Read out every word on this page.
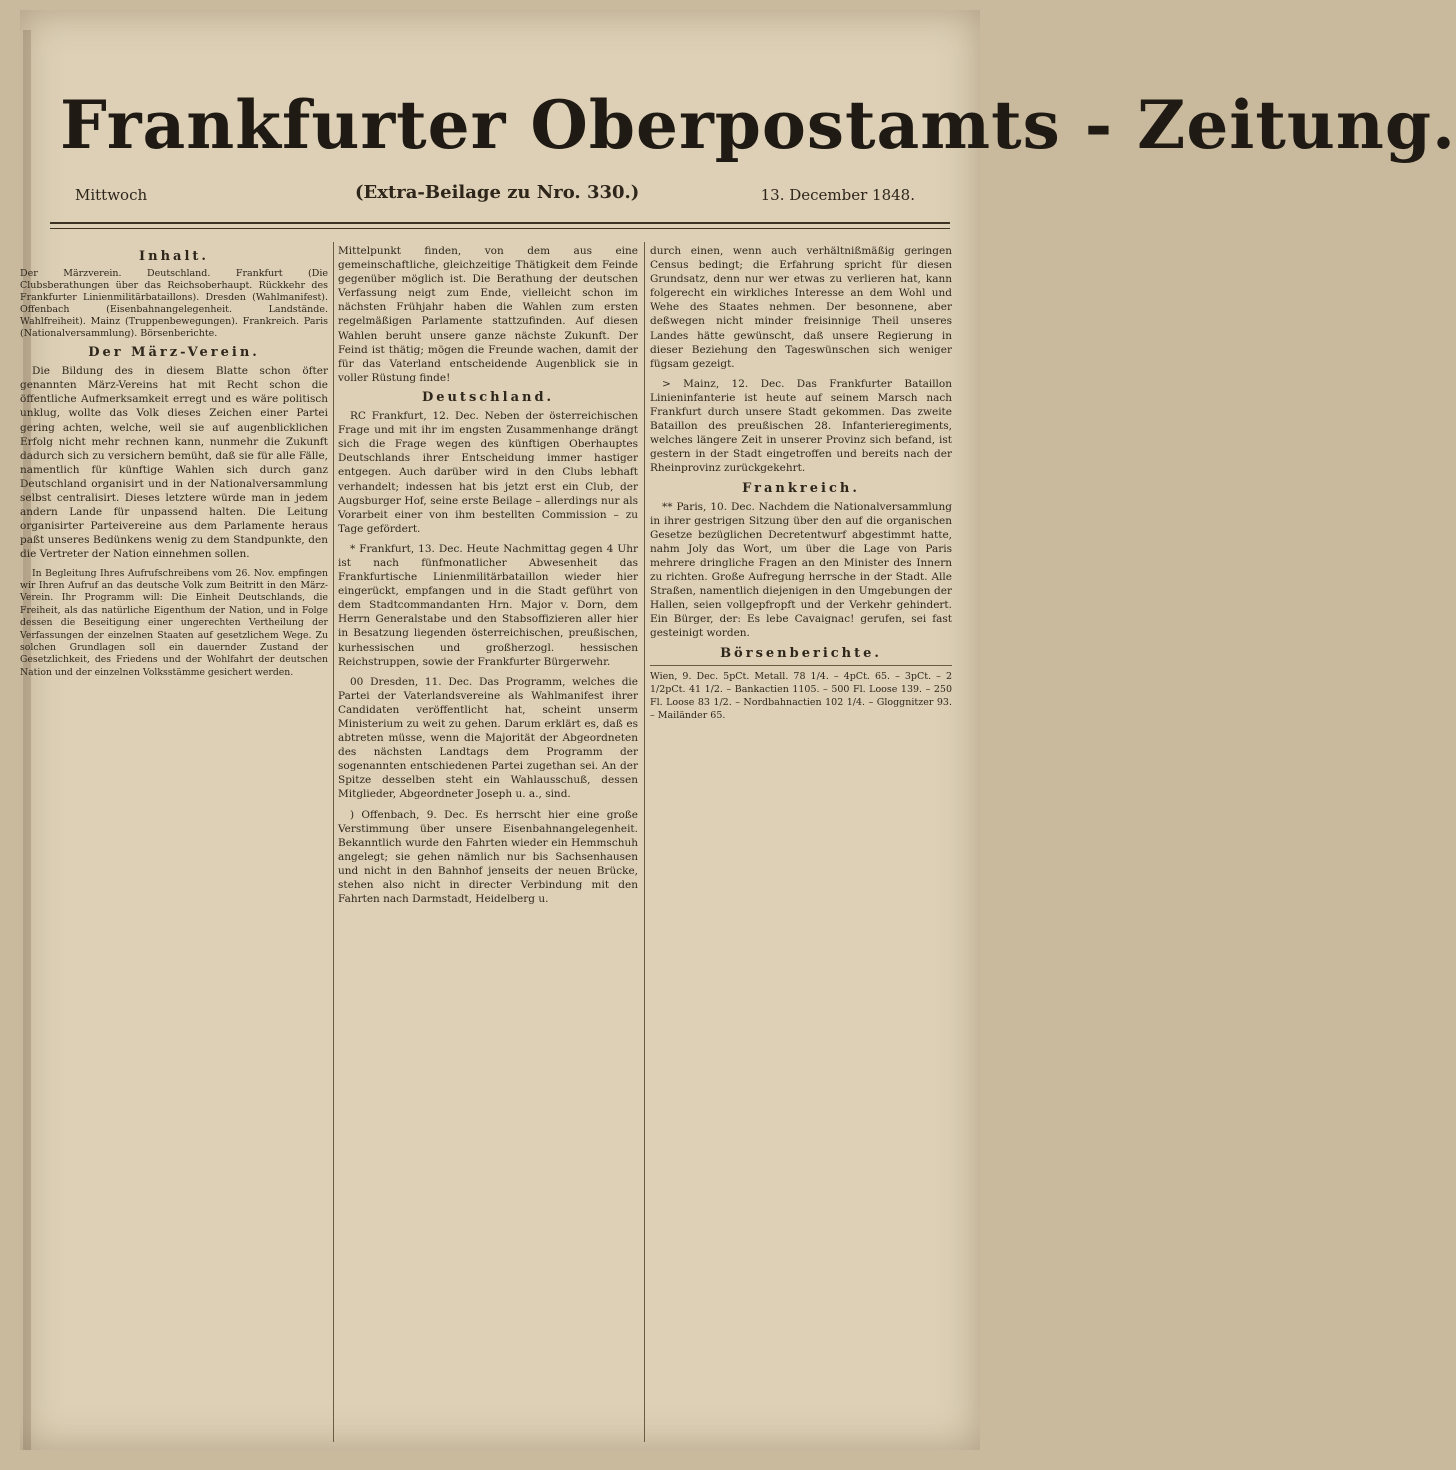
Frankfurter Oberpostamts - Zeitung.
Mittwoch	(Extra-Beilage zu Nro. 330.)	13. December 1848.
Inhalt.
Der Märzverein. Deutschland. Frankfurt (Die Clubsberathungen über das Reichsoberhaupt. Rückkehr des Frankfurter Linienmilitärbataillons). Dresden (Wahlmanifest). Offenbach (Eisenbahnangelegenheit. Landstände. Wahlfreiheit). Mainz (Truppenbewegungen). Frankreich. Paris (Nationalversammlung). Börsenberichte.
Der März-Verein.

Die Bildung des in diesem Blatte schon öfter genannten März-Vereins hat mit Recht schon die öffentliche Aufmerksamkeit erregt und es wäre politisch unklug, wollte das Volk dieses Zeichen einer Partei gering achten, welche, weil sie auf augenblicklichen Erfolg nicht mehr rechnen kann, nunmehr die Zukunft dadurch sich zu versichern bemüht, daß sie für alle Fälle, namentlich für künftige Wahlen sich durch ganz Deutschland organisirt und in der Nationalversammlung selbst centralisirt. Dieses letztere würde man in jedem andern Lande für unpassend halten. Die Leitung organisirter Parteivereine aus dem Parlamente heraus paßt unseres Bedünkens wenig zu dem Standpunkte, den die Vertreter der Nation einnehmen sollen.

In Begleitung Ihres Aufrufschreibens vom 26. Nov. empfingen wir Ihren Aufruf an das deutsche Volk zum Beitritt in den März-Verein. Ihr Programm will: Die Einheit Deutschlands, die Freiheit, als das natürliche Eigenthum der Nation, und in Folge dessen die Beseitigung einer ungerechten Vertheilung der Verfassungen der einzelnen Staaten auf gesetzlichem Wege. Zu solchen Grundlagen soll ein dauernder Zustand der Gesetzlichkeit, des Friedens und der Wohlfahrt der deutschen Nation und der einzelnen Volksstämme gesichert werden.

Mittelpunkt finden, von dem aus eine gemeinschaftliche, gleichzeitige Thätigkeit dem Feinde gegenüber möglich ist. Die Berathung der deutschen Verfassung neigt zum Ende, vielleicht schon im nächsten Frühjahr haben die Wahlen zum ersten regelmäßigen Parlamente stattzufinden. Auf diesen Wahlen beruht unsere ganze nächste Zukunft. Der Feind ist thätig; mögen die Freunde wachen, damit der für das Vaterland entscheidende Augenblick sie in voller Rüstung finde!

Deutschland.

RC Frankfurt, 12. Dec. Neben der österreichischen Frage und mit ihr im engsten Zusammenhange drängt sich die Frage wegen des künftigen Oberhauptes Deutschlands ihrer Entscheidung immer hastiger entgegen. Auch darüber wird in den Clubs lebhaft verhandelt; indessen hat bis jetzt erst ein Club, der Augsburger Hof, seine erste Beilage – allerdings nur als Vorarbeit einer von ihm bestellten Commission – zu Tage gefördert.

* Frankfurt, 13. Dec. Heute Nachmittag gegen 4 Uhr ist nach fünfmonatlicher Abwesenheit das Frankfurtische Linienmilitärbataillon wieder hier eingerückt, empfangen und in die Stadt geführt von dem Stadtcommandanten Hrn. Major v. Dorn, dem Herrn Generalstabe und den Stabsoffizieren aller hier in Besatzung liegenden österreichischen, preußischen, kurhessischen und großherzogl. hessischen Reichstruppen, sowie der Frankfurter Bürgerwehr.

00 Dresden, 11. Dec. Das Programm, welches die Partei der Vaterlandsvereine als Wahlmanifest ihrer Candidaten veröffentlicht hat, scheint unserm Ministerium zu weit zu gehen. Darum erklärt es, daß es abtreten müsse, wenn die Majorität der Abgeordneten des nächsten Landtags dem Programm der sogenannten entschiedenen Partei zugethan sei. An der Spitze desselben steht ein Wahlausschuß, dessen Mitglieder, Abgeordneter Joseph u. a., sind.

) Offenbach, 9. Dec. Es herrscht hier eine große Verstimmung über unsere Eisenbahnangelegenheit. Bekanntlich wurde den Fahrten wieder ein Hemmschuh angelegt; sie gehen nämlich nur bis Sachsenhausen und nicht in den Bahnhof jenseits der neuen Brücke, stehen also nicht in directer Verbindung mit den Fahrten nach Darmstadt, Heidelberg u.

durch einen, wenn auch verhältnißmäßig geringen Census bedingt; die Erfahrung spricht für diesen Grundsatz, denn nur wer etwas zu verlieren hat, kann folgerecht ein wirkliches Interesse an dem Wohl und Wehe des Staates nehmen. Der besonnene, aber deßwegen nicht minder freisinnige Theil unseres Landes hätte gewünscht, daß unsere Regierung in dieser Beziehung den Tageswünschen sich weniger fügsam gezeigt.

> Mainz, 12. Dec. Das Frankfurter Bataillon Linieninfanterie ist heute auf seinem Marsch nach Frankfurt durch unsere Stadt gekommen. Das zweite Bataillon des preußischen 28. Infanterieregiments, welches längere Zeit in unserer Provinz sich befand, ist gestern in der Stadt eingetroffen und bereits nach der Rheinprovinz zurückgekehrt.

Frankreich.

** Paris, 10. Dec. Nachdem die Nationalversammlung in ihrer gestrigen Sitzung über den auf die organischen Gesetze bezüglichen Decretentwurf abgestimmt hatte, nahm Joly das Wort, um über die Lage von Paris mehrere dringliche Fragen an den Minister des Innern zu richten. Große Aufregung herrsche in der Stadt. Alle Straßen, namentlich diejenigen in den Umgebungen der Hallen, seien vollgepfropft und der Verkehr gehindert. Ein Bürger, der: Es lebe Cavaignac! gerufen, sei fast gesteinigt worden.

Börsenberichte.
Wien, 9. Dec. 5pCt. Metall. 78 1/4. – 4pCt. 65. – 3pCt. – 2 1/2pCt. 41 1/2. – Bankactien 1105. – 500 Fl. Loose 139. – 250 Fl. Loose 83 1/2. – Nordbahnactien 102 1/4. – Gloggnitzer 93. – Mailänder 65.
